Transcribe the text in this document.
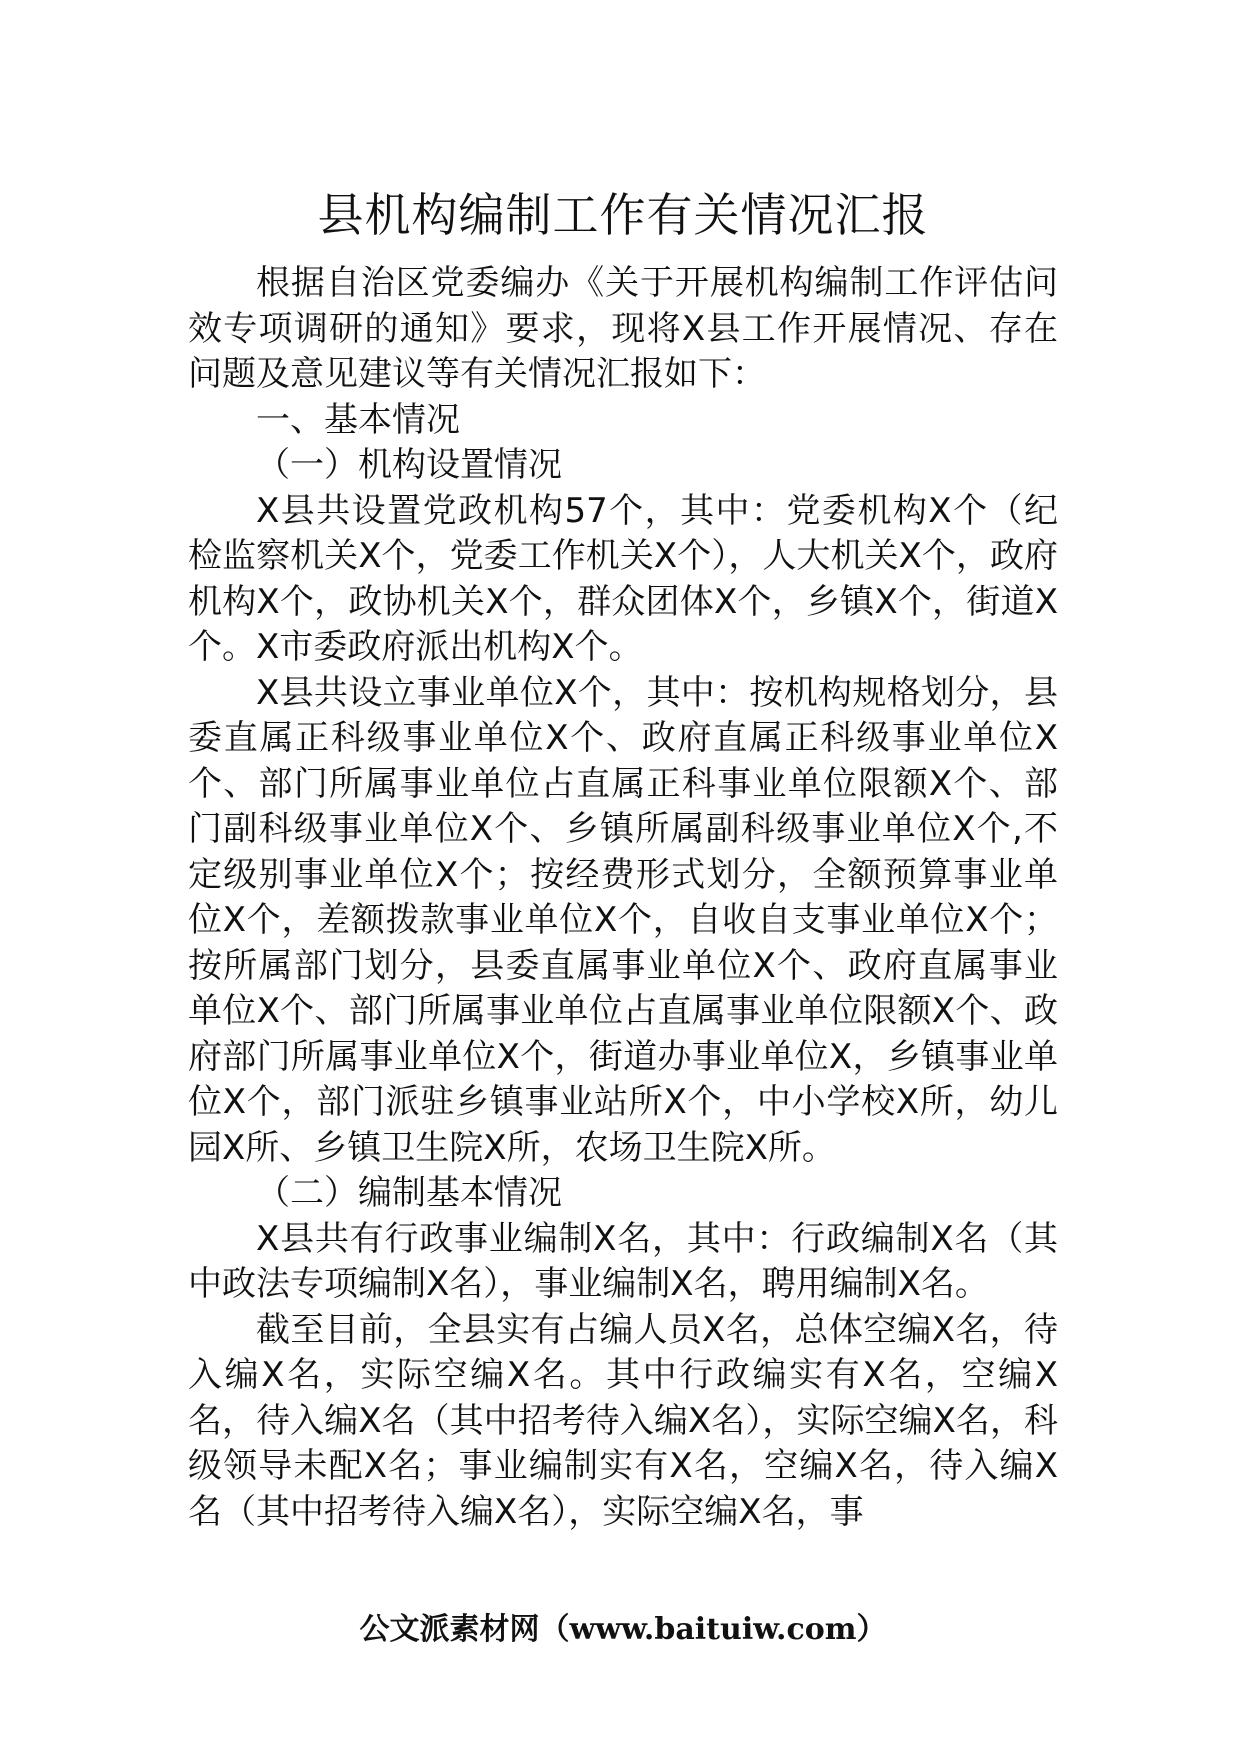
县机构编制工作有关情况汇报

根据自治区党委编办《关于开展机构编制工作评估问效专项调研的通知》要求，现将X县工作开展情况、存在问题及意见建议等有关情况汇报如下：

一、基本情况

（一）机构设置情况

X县共设置党政机构57个，其中：党委机构X个（纪检监察机关X个，党委工作机关X个），人大机关X个，政府机构X个，政协机关X个，群众团体X个，乡镇X个，街道X个。X市委政府派出机构X个。

X县共设立事业单位X个，其中：按机构规格划分，县委直属正科级事业单位X个、政府直属正科级事业单位X个、部门所属事业单位占直属正科事业单位限额X个、部门副科级事业单位X个、乡镇所属副科级事业单位X个,不定级别事业单位X个；按经费形式划分，全额预算事业单位X个，差额拨款事业单位X个，自收自支事业单位X个；按所属部门划分，县委直属事业单位X个、政府直属事业单位X个、部门所属事业单位占直属事业单位限额X个、政府部门所属事业单位X个，街道办事业单位X，乡镇事业单位X个，部门派驻乡镇事业站所X个，中小学校X所，幼儿园X所、乡镇卫生院X所，农场卫生院X所。

（二）编制基本情况

X县共有行政事业编制X名，其中：行政编制X名（其中政法专项编制X名），事业编制X名，聘用编制X名。

截至目前，全县实有占编人员X名，总体空编X名，待入编X名，实际空编X名。其中行政编实有X名，空编X名，待入编X名（其中招考待入编X名），实际空编X名，科级领导未配X名；事业编制实有X名，空编X名，待入编X名（其中招考待入编X名），实际空编X名，事

公文派素材网（www.baituiw.com）
